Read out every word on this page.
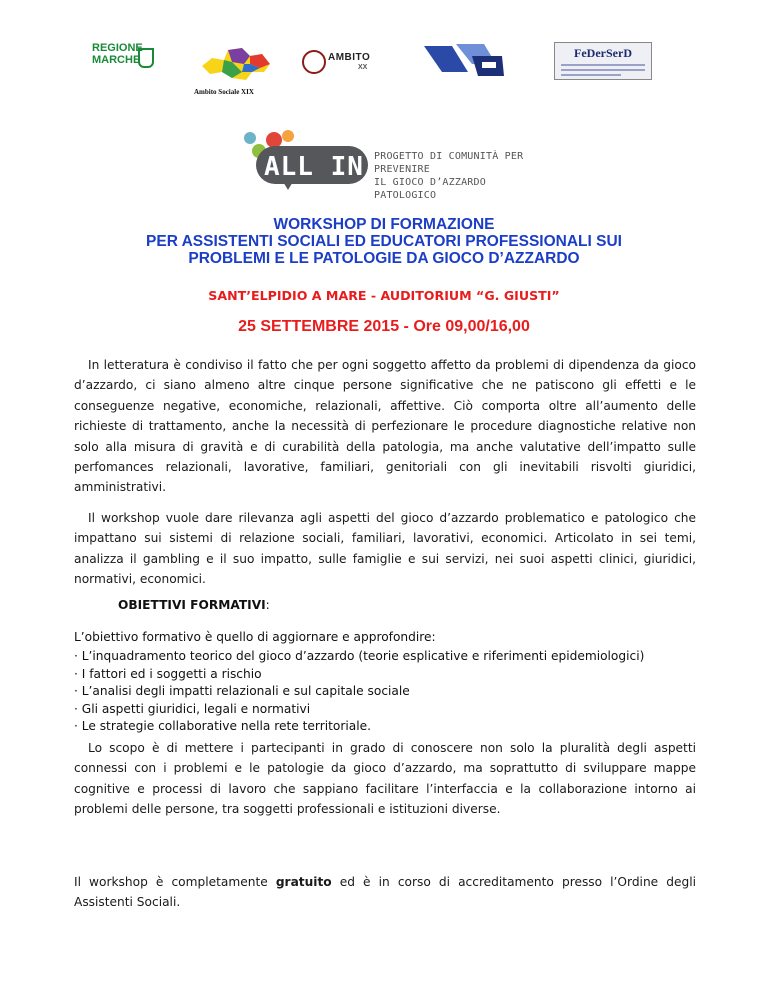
REGIONE MARCHE	AMBITO
XX
FeDerSerD
Ambito Sociale XIX
ALL IN PROGETTO DI COMUNITÀ PER PREVENIRE
IL GIOCO D’AZZARDO PATOLOGICO
WORKSHOP DI FORMAZIONE
PER ASSISTENTI SOCIALI ED EDUCATORI PROFESSIONALI SUI
PROBLEMI E LE PATOLOGIE DA GIOCO D’AZZARDO
SANT’ELPIDIO A MARE - AUDITORIUM “G. GIUSTI”
25 SETTEMBRE 2015 - Ore 09,00/16,00
In letteratura è condiviso il fatto che per ogni soggetto affetto da problemi di dipendenza da gioco d’azzardo, ci siano almeno altre cinque persone significative che ne patiscono gli effetti e le conseguenze negative, economiche, relazionali, affettive. Ciò comporta oltre all’aumento delle richieste di trattamento, anche la necessità di perfezionare le procedure diagnostiche relative non solo alla misura di gravità e di curabilità della patologia, ma anche valutative dell’impatto sulle perfomances relazionali, lavorative, familiari, genitoriali con gli inevitabili risvolti giuridici, amministrativi.
Il workshop vuole dare rilevanza agli aspetti del gioco d’azzardo problematico e patologico che impattano sui sistemi di relazione sociali, familiari, lavorativi, economici. Articolato in sei temi, analizza il gambling e il suo impatto, sulle famiglie e sui servizi, nei suoi aspetti clinici, giuridici, normativi, economici.
OBIETTIVI FORMATIVI:
L’obiettivo formativo è quello di aggiornare e approfondire:
· L’inquadramento teorico del gioco d’azzardo (teorie esplicative e riferimenti epidemiologici)
· I fattori ed i soggetti a rischio
· L’analisi degli impatti relazionali e sul capitale sociale
· Gli aspetti giuridici, legali e normativi
· Le strategie collaborative nella rete territoriale.
Lo scopo è di mettere i partecipanti in grado di conoscere non solo la pluralità degli aspetti connessi con i problemi e le patologie da gioco d’azzardo, ma soprattutto di sviluppare mappe cognitive e processi di lavoro che sappiano facilitare l’interfaccia e la collaborazione intorno ai problemi delle persone, tra soggetti professionali e istituzioni diverse.
Il workshop è completamente gratuito ed è in corso di accreditamento presso l’Ordine degli Assistenti Sociali.
